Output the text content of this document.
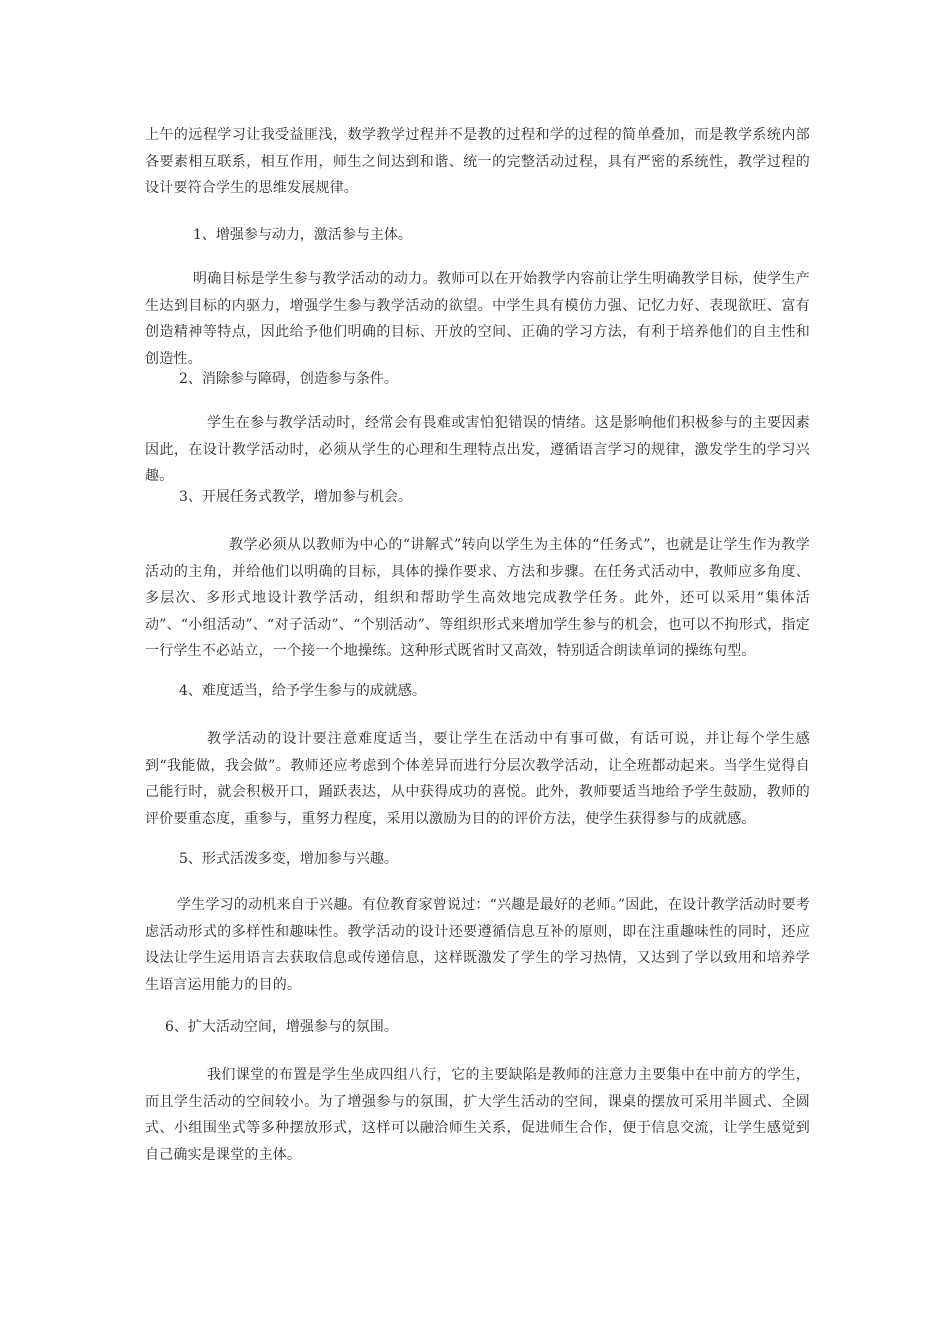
上午的远程学习让我受益匪浅，数学教学过程并不是教的过程和学的过程的简单叠加，而是教学系统内部各要素相互联系，相互作用，师生之间达到和谐、统一的完整活动过程，具有严密的系统性，教学过程的设计要符合学生的思维发展规律。

1、增强参与动力，激活参与主体。

明确目标是学生参与教学活动的动力。教师可以在开始教学内容前让学生明确教学目标，使学生产生达到目标的内驱力，增强学生参与教学活动的欲望。中学生具有模仿力强、记忆力好、表现欲旺、富有创造精神等特点，因此给予他们明确的目标、开放的空间、正确的学习方法，有利于培养他们的自主性和创造性。

2、消除参与障碍，创造参与条件。

学生在参与教学活动时，经常会有畏难或害怕犯错误的情绪。这是影响他们积极参与的主要因素因此，在设计教学活动时，必须从学生的心理和生理特点出发，遵循语言学习的规律，激发学生的学习兴趣。

3、开展任务式教学，增加参与机会。

教学必须从以教师为中心的“讲解式”转向以学生为主体的“任务式”，也就是让学生作为教学活动的主角，并给他们以明确的目标，具体的操作要求、方法和步骤。在任务式活动中，教师应多角度、多层次、多形式地设计教学活动，组织和帮助学生高效地完成教学任务。此外，还可以采用“集体活动”、“小组活动”、“对子活动”、“个别活动”、等组织形式来增加学生参与的机会，也可以不拘形式，指定一行学生不必站立，一个接一个地操练。这种形式既省时又高效，特别适合朗读单词的操练句型。

4、难度适当，给予学生参与的成就感。

教学活动的设计要注意难度适当，要让学生在活动中有事可做，有话可说，并让每个学生感到“我能做，我会做”。教师还应考虑到个体差异而进行分层次教学活动，让全班都动起来。当学生觉得自己能行时，就会积极开口，踊跃表达，从中获得成功的喜悦。此外，教师要适当地给予学生鼓励，教师的评价要重态度，重参与，重努力程度，采用以激励为目的的评价方法，使学生获得参与的成就感。

5、形式活泼多变，增加参与兴趣。

学生学习的动机来自于兴趣。有位教育家曾说过：“兴趣是最好的老师。”因此，在设计教学活动时要考虑活动形式的多样性和趣味性。教学活动的设计还要遵循信息互补的原则，即在注重趣味性的同时，还应设法让学生运用语言去获取信息或传递信息，这样既激发了学生的学习热情，又达到了学以致用和培养学生语言运用能力的目的。

6、扩大活动空间，增强参与的氛围。

我们课堂的布置是学生坐成四组八行，它的主要缺陷是教师的注意力主要集中在中前方的学生，而且学生活动的空间较小。为了增强参与的氛围，扩大学生活动的空间，课桌的摆放可采用半圆式、全圆式、小组围坐式等多种摆放形式，这样可以融洽师生关系，促进师生合作，便于信息交流，让学生感觉到自己确实是课堂的主体。
